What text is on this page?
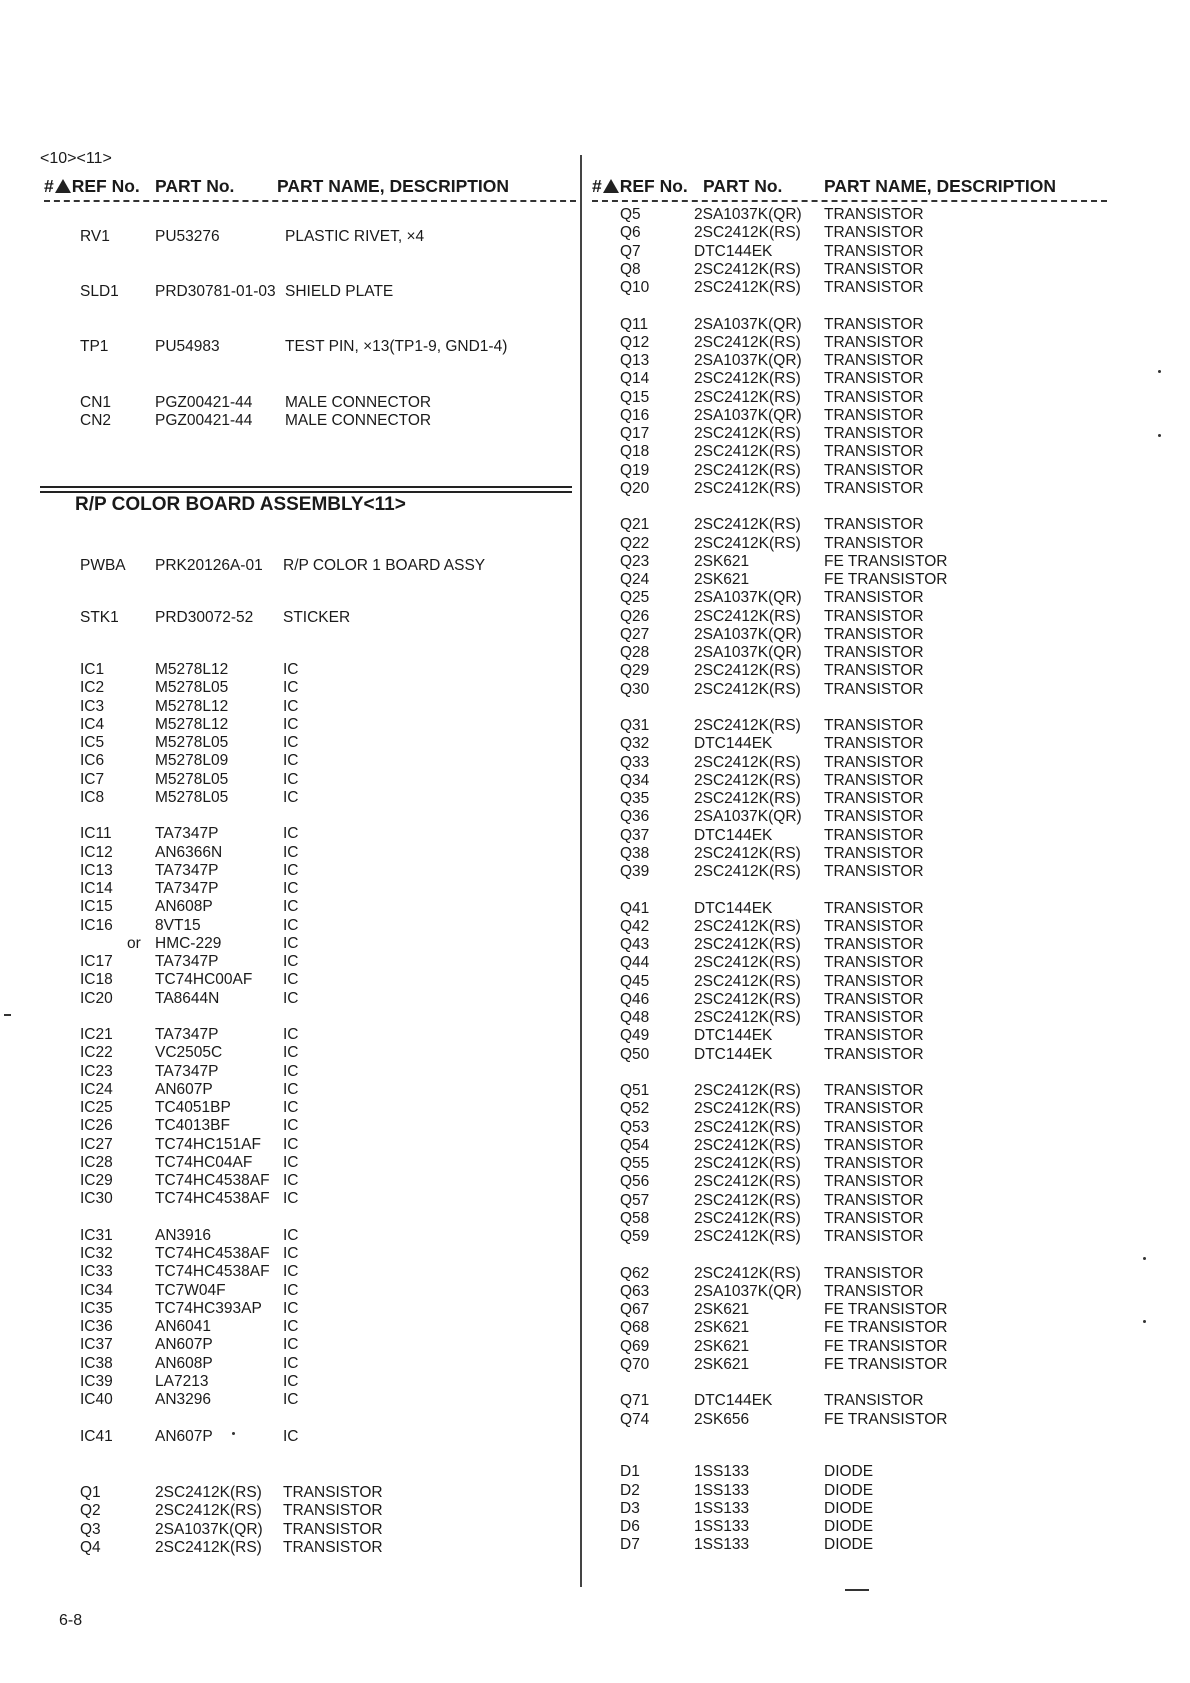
<10><11>
# REF No. PART No. PART NAME, DESCRIPTION	# REF No. PART No. PART NAME, DESCRIPTION
R/P COLOR BOARD ASSEMBLY<11>
RV1	PU53276	PLASTIC RIVET, ×4
SLD1 PRD30781-01-03 SHIELD PLATE
TP1	PU54983	TEST PIN, ×13(TP1-9, GND1-4)
CN1	PGZ00421-44 MALE CONNECTOR
CN2	PGZ00421-44 MALE CONNECTOR
PWBA PRK20126A-01 R/P COLOR 1 BOARD ASSY
STK1 PRD30072-52 STICKER
IC1	M5278L12	IC
IC2	M5278L05	IC
IC3	M5278L12	IC
IC4	M5278L12	IC
IC5	M5278L05	IC
IC6	M5278L09	IC
IC7	M5278L05	IC
IC8	M5278L05	IC
IC11	TA7347P	IC
IC12	AN6366N	IC
IC13	TA7347P	IC
IC14	TA7347P	IC
IC15	AN608P	IC
IC16	8VT15	IC
or HMC-229	IC
IC17	TA7347P	IC
IC18	TC74HC00AF IC
IC20	TA8644N	IC
IC21	TA7347P	IC
IC22	VC2505C	IC
IC23	TA7347P	IC
IC24	AN607P	IC
IC25	TC4051BP	IC
IC26	TC4013BF	IC
IC27	TC74HC151AF IC
IC28	TC74HC04AF IC
IC29	TC74HC4538AF IC
IC30	TC74HC4538AF IC
IC31	AN3916	IC
IC32	TC74HC4538AF IC
IC33	TC74HC4538AF IC
IC34	TC7W04F	IC
IC35	TC74HC393AP IC
IC36	AN6041	IC
IC37	AN607P	IC
IC38	AN608P	IC
IC39	LA7213	IC
IC40	AN3296	IC
IC41	AN607P	IC
Q1	2SC2412K(RS) TRANSISTOR
Q2	2SC2412K(RS) TRANSISTOR
Q3	2SA1037K(QR) TRANSISTOR
Q4	2SC2412K(RS) TRANSISTOR
Q5	2SA1037K(QR) TRANSISTOR
Q6	2SC2412K(RS) TRANSISTOR
Q7	DTC144EK	TRANSISTOR
Q8	2SC2412K(RS) TRANSISTOR
Q10	2SC2412K(RS) TRANSISTOR
Q11	2SA1037K(QR) TRANSISTOR
Q12	2SC2412K(RS) TRANSISTOR
Q13	2SA1037K(QR) TRANSISTOR
Q14	2SC2412K(RS) TRANSISTOR
Q15	2SC2412K(RS) TRANSISTOR
Q16	2SA1037K(QR) TRANSISTOR
Q17	2SC2412K(RS) TRANSISTOR
Q18	2SC2412K(RS) TRANSISTOR
Q19	2SC2412K(RS) TRANSISTOR
Q20	2SC2412K(RS) TRANSISTOR
Q21	2SC2412K(RS) TRANSISTOR
Q22	2SC2412K(RS) TRANSISTOR
Q23	2SK621	FE TRANSISTOR
Q24	2SK621	FE TRANSISTOR
Q25	2SA1037K(QR) TRANSISTOR
Q26	2SC2412K(RS) TRANSISTOR
Q27	2SA1037K(QR) TRANSISTOR
Q28	2SA1037K(QR) TRANSISTOR
Q29	2SC2412K(RS) TRANSISTOR
Q30	2SC2412K(RS) TRANSISTOR
Q31	2SC2412K(RS) TRANSISTOR
Q32	DTC144EK	TRANSISTOR
Q33	2SC2412K(RS) TRANSISTOR
Q34	2SC2412K(RS) TRANSISTOR
Q35	2SC2412K(RS) TRANSISTOR
Q36	2SA1037K(QR) TRANSISTOR
Q37	DTC144EK	TRANSISTOR
Q38	2SC2412K(RS) TRANSISTOR
Q39	2SC2412K(RS) TRANSISTOR
Q41	DTC144EK	TRANSISTOR
Q42	2SC2412K(RS) TRANSISTOR
Q43	2SC2412K(RS) TRANSISTOR
Q44	2SC2412K(RS) TRANSISTOR
Q45	2SC2412K(RS) TRANSISTOR
Q46	2SC2412K(RS) TRANSISTOR
Q48	2SC2412K(RS) TRANSISTOR
Q49	DTC144EK	TRANSISTOR
Q50	DTC144EK	TRANSISTOR
Q51	2SC2412K(RS) TRANSISTOR
Q52	2SC2412K(RS) TRANSISTOR
Q53	2SC2412K(RS) TRANSISTOR
Q54	2SC2412K(RS) TRANSISTOR
Q55	2SC2412K(RS) TRANSISTOR
Q56	2SC2412K(RS) TRANSISTOR
Q57	2SC2412K(RS) TRANSISTOR
Q58	2SC2412K(RS) TRANSISTOR
Q59	2SC2412K(RS) TRANSISTOR
Q62	2SC2412K(RS) TRANSISTOR
Q63	2SA1037K(QR) TRANSISTOR
Q67	2SK621	FE TRANSISTOR
Q68	2SK621	FE TRANSISTOR
Q69	2SK621	FE TRANSISTOR
Q70	2SK621	FE TRANSISTOR
Q71	DTC144EK	TRANSISTOR
Q74	2SK656	FE TRANSISTOR
D1	1SS133	DIODE
D2	1SS133	DIODE
D3	1SS133	DIODE
D6	1SS133	DIODE
D7	1SS133	DIODE
6-8
